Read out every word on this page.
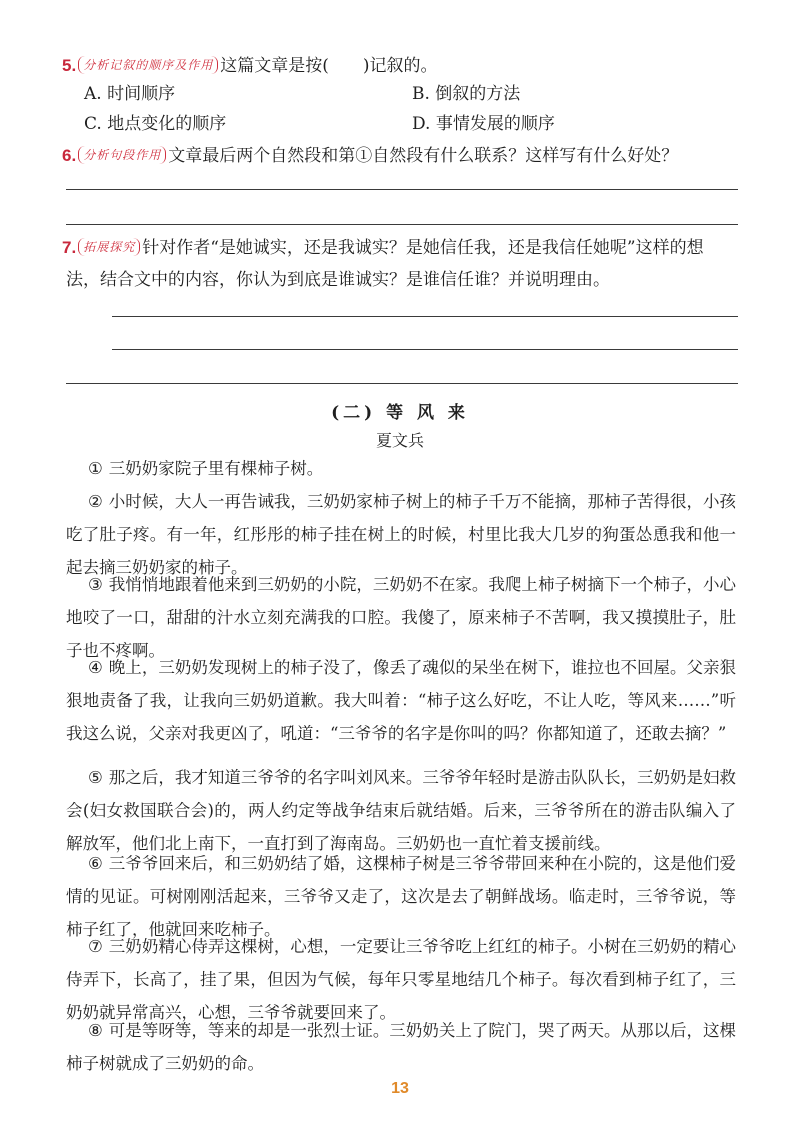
5. 分析记叙的顺序及作用 这篇文章是按(　　)记叙的。
A. 时间顺序	B. 倒叙的方法
C. 地点变化的顺序	D. 事情发展的顺序
6. 分析句段作用 文章最后两个自然段和第①自然段有什么联系？这样写有什么好处？
7. 拓展探究 针对作者“是她诚实，还是我诚实？是她信任我，还是我信任她呢”这样的想
法，结合文中的内容，你认为到底是谁诚实？是谁信任谁？并说明理由。
(二) 等 风 来
夏文兵
① 三奶奶家院子里有棵柿子树。
② 小时候，大人一再告诫我，三奶奶家柿子树上的柿子千万不能摘，那柿子苦得很，小孩吃了肚子疼。有一年，红彤彤的柿子挂在树上的时候，村里比我大几岁的狗蛋怂恿我和他一起去摘三奶奶家的柿子。
③ 我悄悄地跟着他来到三奶奶的小院，三奶奶不在家。我爬上柿子树摘下一个柿子，小心地咬了一口，甜甜的汁水立刻充满我的口腔。我傻了，原来柿子不苦啊，我又摸摸肚子，肚子也不疼啊。
④ 晚上，三奶奶发现树上的柿子没了，像丢了魂似的呆坐在树下，谁拉也不回屋。父亲狠狠地责备了我，让我向三奶奶道歉。我大叫着：“柿子这么好吃，不让人吃，等风来……”听我这么说，父亲对我更凶了，吼道：“三爷爷的名字是你叫的吗？你都知道了，还敢去摘？”
⑤ 那之后，我才知道三爷爷的名字叫刘风来。三爷爷年轻时是游击队队长，三奶奶是妇救会(妇女救国联合会)的，两人约定等战争结束后就结婚。后来，三爷爷所在的游击队编入了解放军，他们北上南下，一直打到了海南岛。三奶奶也一直忙着支援前线。
⑥ 三爷爷回来后，和三奶奶结了婚，这棵柿子树是三爷爷带回来种在小院的，这是他们爱情的见证。可树刚刚活起来，三爷爷又走了，这次是去了朝鲜战场。临走时，三爷爷说，等柿子红了，他就回来吃柿子。
⑦ 三奶奶精心侍弄这棵树，心想，一定要让三爷爷吃上红红的柿子。小树在三奶奶的精心侍弄下，长高了，挂了果，但因为气候，每年只零星地结几个柿子。每次看到柿子红了，三奶奶就异常高兴，心想，三爷爷就要回来了。
⑧ 可是等呀等，等来的却是一张烈士证。三奶奶关上了院门，哭了两天。从那以后，这棵柿子树就成了三奶奶的命。
13
